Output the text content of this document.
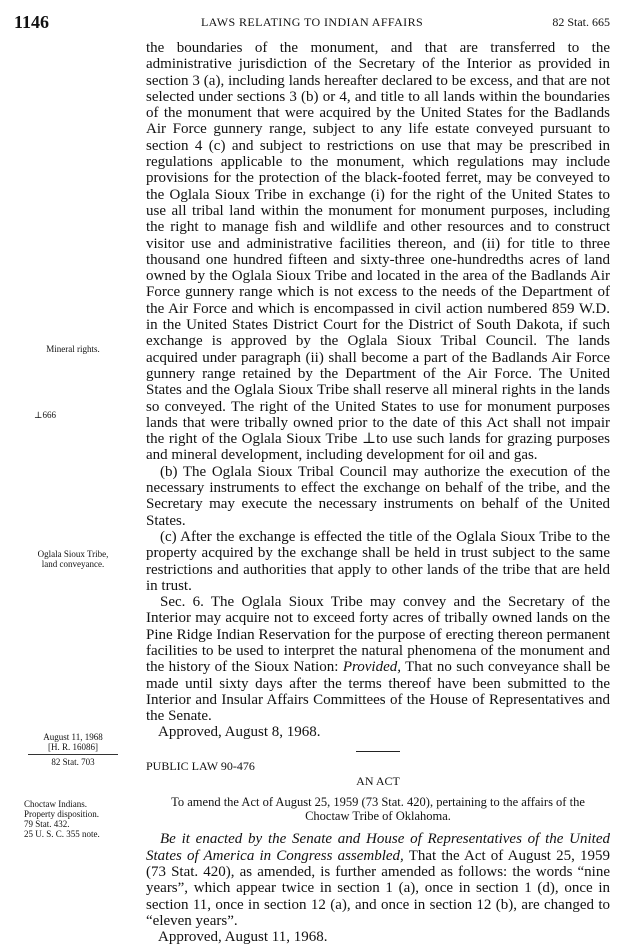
1146	LAWS RELATING TO INDIAN AFFAIRS	82 Stat. 665
Mineral rights.
⊥666
Oglala Sioux Tribe,
land conveyance.
August 11, 1968
[H. R. 16086]
82 Stat. 703
Choctaw Indians.
Property disposition.
79 Stat. 432.
25 U. S. C. 355 note.

the boundaries of the monument, and that are transferred to the administrative jurisdiction of the Secretary of the Interior as provided in section 3 (a), including lands hereafter declared to be excess, and that are not selected under sections 3 (b) or 4, and title to all lands within the boundaries of the monument that were acquired by the United States for the Badlands Air Force gunnery range, subject to any life estate conveyed pursuant to section 4 (c) and subject to restrictions on use that may be prescribed in regulations applicable to the monument, which regulations may include provisions for the protection of the black-footed ferret, may be conveyed to the Oglala Sioux Tribe in exchange (i) for the right of the United States to use all tribal land within the monument for monument purposes, including the right to manage fish and wildlife and other resources and to construct visitor use and administrative facilities thereon, and (ii) for title to three thousand one hundred fifteen and sixty-three one-hundredths acres of land owned by the Oglala Sioux Tribe and located in the area of the Badlands Air Force gunnery range which is not excess to the needs of the Department of the Air Force and which is encompassed in civil action numbered 859 W.D. in the United States District Court for the District of South Dakota, if such exchange is approved by the Oglala Sioux Tribal Council. The lands acquired under paragraph (ii) shall become a part of the Badlands Air Force gunnery range retained by the Department of the Air Force. The United States and the Oglala Sioux Tribe shall reserve all mineral rights in the lands so conveyed. The right of the United States to use for monument purposes lands that were tribally owned prior to the date of this Act shall not impair the right of the Oglala Sioux Tribe ⊥to use such lands for grazing purposes and mineral development, including development for oil and gas.

(b) The Oglala Sioux Tribal Council may authorize the execution of the necessary instruments to effect the exchange on behalf of the tribe, and the Secretary may execute the necessary instruments on behalf of the United States.

(c) After the exchange is effected the title of the Oglala Sioux Tribe to the property acquired by the exchange shall be held in trust subject to the same restrictions and authorities that apply to other lands of the tribe that are held in trust.

Sec. 6. The Oglala Sioux Tribe may convey and the Secretary of the Interior may acquire not to exceed forty acres of tribally owned lands on the Pine Ridge Indian Reservation for the purpose of erecting thereon permanent facilities to be used to interpret the natural phenomena of the monument and the history of the Sioux Nation: Provided, That no such conveyance shall be made until sixty days after the terms thereof have been submitted to the Interior and Insular Affairs Committees of the House of Representatives and the Senate.

Approved, August 8, 1968.

PUBLIC LAW 90-476

AN ACT
To amend the Act of August 25, 1959 (73 Stat. 420), pertaining to the affairs of the Choctaw Tribe of Oklahoma.

Be it enacted by the Senate and House of Representatives of the United States of America in Congress assembled, That the Act of August 25, 1959 (73 Stat. 420), as amended, is further amended as follows: the words “nine years”, which appear twice in section 1 (a), once in section 1 (d), once in section 11, once in section 12 (a), and once in section 12 (b), are changed to “eleven years”.

Approved, August 11, 1968.
